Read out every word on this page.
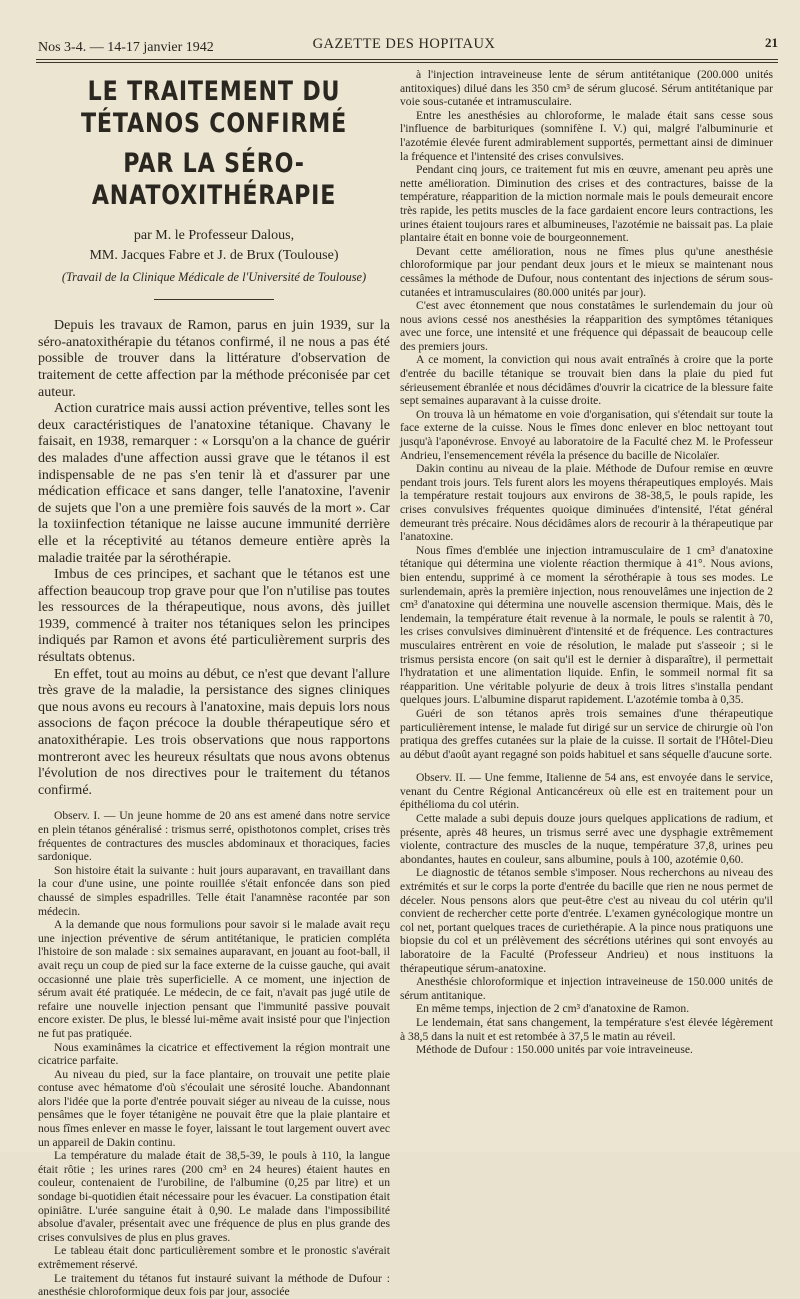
Nos 3-4. — 14-17 janvier 1942	GAZETTE DES HOPITAUX	21
LE TRAITEMENT DU TÉTANOS CONFIRMÉ
PAR LA SÉRO-ANATOXITHÉRAPIE
par M. le Professeur Dalous,
MM. Jacques Fabre et J. de Brux (Toulouse)
(Travail de la Clinique Médicale de l'Université de Toulouse)

Depuis les travaux de Ramon, parus en juin 1939, sur la séro-anatoxithérapie du tétanos confirmé, il ne nous a pas été possible de trouver dans la littérature d'observation de traitement de cette affection par la méthode préconisée par cet auteur.

Action curatrice mais aussi action préventive, telles sont les deux caractéristiques de l'anatoxine tétanique. Chavany le faisait, en 1938, remarquer : « Lorsqu'on a la chance de guérir des malades d'une affection aussi grave que le tétanos il est indispensable de ne pas s'en tenir là et d'assurer par une médication efficace et sans danger, telle l'anatoxine, l'avenir de sujets que l'on a une première fois sauvés de la mort ». Car la toxiinfection tétanique ne laisse aucune immunité derrière elle et la réceptivité au tétanos demeure entière après la maladie traitée par la sérothérapie.

Imbus de ces principes, et sachant que le tétanos est une affection beaucoup trop grave pour que l'on n'utilise pas toutes les ressources de la thérapeutique, nous avons, dès juillet 1939, commencé à traiter nos tétaniques selon les principes indiqués par Ramon et avons été particulièrement surpris des résultats obtenus.

En effet, tout au moins au début, ce n'est que devant l'allure très grave de la maladie, la persistance des signes cliniques que nous avons eu recours à l'anatoxine, mais depuis lors nous associons de façon précoce la double thérapeutique séro et anatoxithérapie. Les trois observations que nous rapportons montreront avec les heureux résultats que nous avons obtenus l'évolution de nos directives pour le traitement du tétanos confirmé.

Observ. I. — Un jeune homme de 20 ans est amené dans notre service en plein tétanos généralisé : trismus serré, opisthotonos complet, crises très fréquentes de contractures des muscles abdominaux et thoraciques, facies sardonique.

Son histoire était la suivante : huit jours auparavant, en travaillant dans la cour d'une usine, une pointe rouillée s'était enfoncée dans son pied chaussé de simples espadrilles. Telle était l'anamnèse racontée par son médecin.

A la demande que nous formulions pour savoir si le malade avait reçu une injection préventive de sérum antitétanique, le praticien compléta l'histoire de son malade : six semaines auparavant, en jouant au foot-ball, il avait reçu un coup de pied sur la face externe de la cuisse gauche, qui avait occasionné une plaie très superficielle. A ce moment, une injection de sérum avait été pratiquée. Le médecin, de ce fait, n'avait pas jugé utile de refaire une nouvelle injection pensant que l'immunité passive pouvait encore exister. De plus, le blessé lui-même avait insisté pour que l'injection ne fut pas pratiquée.

Nous examinâmes la cicatrice et effectivement la région montrait une cicatrice parfaite.

Au niveau du pied, sur la face plantaire, on trouvait une petite plaie contuse avec hématome d'où s'écoulait une sérosité louche. Abandonnant alors l'idée que la porte d'entrée pouvait siéger au niveau de la cuisse, nous pensâmes que le foyer tétanigène ne pouvait être que la plaie plantaire et nous fîmes enlever en masse le foyer, laissant le tout largement ouvert avec un appareil de Dakin continu.

La température du malade était de 38,5-39, le pouls à 110, la langue était rôtie ; les urines rares (200 cm³ en 24 heures) étaient hautes en couleur, contenaient de l'urobiline, de l'albumine (0,25 par litre) et un sondage bi-quotidien était nécessaire pour les évacuer. La constipation était opiniâtre. L'urée sanguine était à 0,90. Le malade dans l'impossibilité absolue d'avaler, présentait avec une fréquence de plus en plus grande des crises convulsives de plus en plus graves.

Le tableau était donc particulièrement sombre et le pronostic s'avérait extrêmement réservé.

Le traitement du tétanos fut instauré suivant la méthode de Dufour : anesthésie chloroformique deux fois par jour, associée

à l'injection intraveineuse lente de sérum antitétanique (200.000 unités antitoxiques) dilué dans les 350 cm³ de sérum glucosé. Sérum antitétanique par voie sous-cutanée et intramusculaire.

Entre les anesthésies au chloroforme, le malade était sans cesse sous l'influence de barbituriques (somnifène I. V.) qui, malgré l'albuminurie et l'azotémie élevée furent admirablement supportés, permettant ainsi de diminuer la fréquence et l'intensité des crises convulsives.

Pendant cinq jours, ce traitement fut mis en œuvre, amenant peu après une nette amélioration. Diminution des crises et des contractures, baisse de la température, réapparition de la miction normale mais le pouls demeurait encore très rapide, les petits muscles de la face gardaient encore leurs contractions, les urines étaient toujours rares et albumineuses, l'azotémie ne baissait pas. La plaie plantaire était en bonne voie de bourgeonnement.

Devant cette amélioration, nous ne fîmes plus qu'une anesthésie chloroformique par jour pendant deux jours et le mieux se maintenant nous cessâmes la méthode de Dufour, nous contentant des injections de sérum sous-cutanées et intramusculaires (80.000 unités par jour).

C'est avec étonnement que nous constatâmes le surlendemain du jour où nous avions cessé nos anesthésies la réapparition des symptômes tétaniques avec une force, une intensité et une fréquence qui dépassait de beaucoup celle des premiers jours.

A ce moment, la conviction qui nous avait entraînés à croire que la porte d'entrée du bacille tétanique se trouvait bien dans la plaie du pied fut sérieusement ébranlée et nous décidâmes d'ouvrir la cicatrice de la blessure faite sept semaines auparavant à la cuisse droite.

On trouva là un hématome en voie d'organisation, qui s'étendait sur toute la face externe de la cuisse. Nous le fîmes donc enlever en bloc nettoyant tout jusqu'à l'aponévrose. Envoyé au laboratoire de la Faculté chez M. le Professeur Andrieu, l'ensemencement révéla la présence du bacille de Nicolaïer.

Dakin continu au niveau de la plaie. Méthode de Dufour remise en œuvre pendant trois jours. Tels furent alors les moyens thérapeutiques employés. Mais la température restait toujours aux environs de 38-38,5, le pouls rapide, les crises convulsives fréquentes quoique diminuées d'intensité, l'état général demeurant très précaire. Nous décidâmes alors de recourir à la thérapeutique par l'anatoxine.

Nous fîmes d'emblée une injection intramusculaire de 1 cm³ d'anatoxine tétanique qui détermina une violente réaction thermique à 41°. Nous avions, bien entendu, supprimé à ce moment la sérothérapie à tous ses modes. Le surlendemain, après la première injection, nous renouvelâmes une injection de 2 cm³ d'anatoxine qui détermina une nouvelle ascension thermique. Mais, dès le lendemain, la température était revenue à la normale, le pouls se ralentit à 70, les crises convulsives diminuèrent d'intensité et de fréquence. Les contractures musculaires entrèrent en voie de résolution, le malade put s'asseoir ; si le trismus persista encore (on sait qu'il est le dernier à disparaître), il permettait l'hydratation et une alimentation liquide. Enfin, le sommeil normal fit sa réapparition. Une véritable polyurie de deux à trois litres s'installa pendant quelques jours. L'albumine disparut rapidement. L'azotémie tomba à 0,35.

Guéri de son tétanos après trois semaines d'une thérapeutique particulièrement intense, le malade fut dirigé sur un service de chirurgie où l'on pratiqua des greffes cutanées sur la plaie de la cuisse. Il sortait de l'Hôtel-Dieu au début d'août ayant regagné son poids habituel et sans séquelle d'aucune sorte.

Observ. II. — Une femme, Italienne de 54 ans, est envoyée dans le service, venant du Centre Régional Anticancéreux où elle est en traitement pour un épithélioma du col utérin.

Cette malade a subi depuis douze jours quelques applications de radium, et présente, après 48 heures, un trismus serré avec une dysphagie extrêmement violente, contracture des muscles de la nuque, température 37,8, urines peu abondantes, hautes en couleur, sans albumine, pouls à 100, azotémie 0,60.

Le diagnostic de tétanos semble s'imposer. Nous recherchons au niveau des extrémités et sur le corps la porte d'entrée du bacille que rien ne nous permet de déceler. Nous pensons alors que peut-être c'est au niveau du col utérin qu'il convient de rechercher cette porte d'entrée. L'examen gynécologique montre un col net, portant quelques traces de curiethérapie. A la pince nous pratiquons une biopsie du col et un prélèvement des sécrétions utérines qui sont envoyés au laboratoire de la Faculté (Professeur Andrieu) et nous instituons la thérapeutique sérum-anatoxine.

Anesthésie chloroformique et injection intraveineuse de 150.000 unités de sérum antitanique.

En même temps, injection de 2 cm³ d'anatoxine de Ramon.

Le lendemain, état sans changement, la température s'est élevée légèrement à 38,5 dans la nuit et est retombée à 37,5 le matin au réveil.

Méthode de Dufour : 150.000 unités par voie intraveineuse.
